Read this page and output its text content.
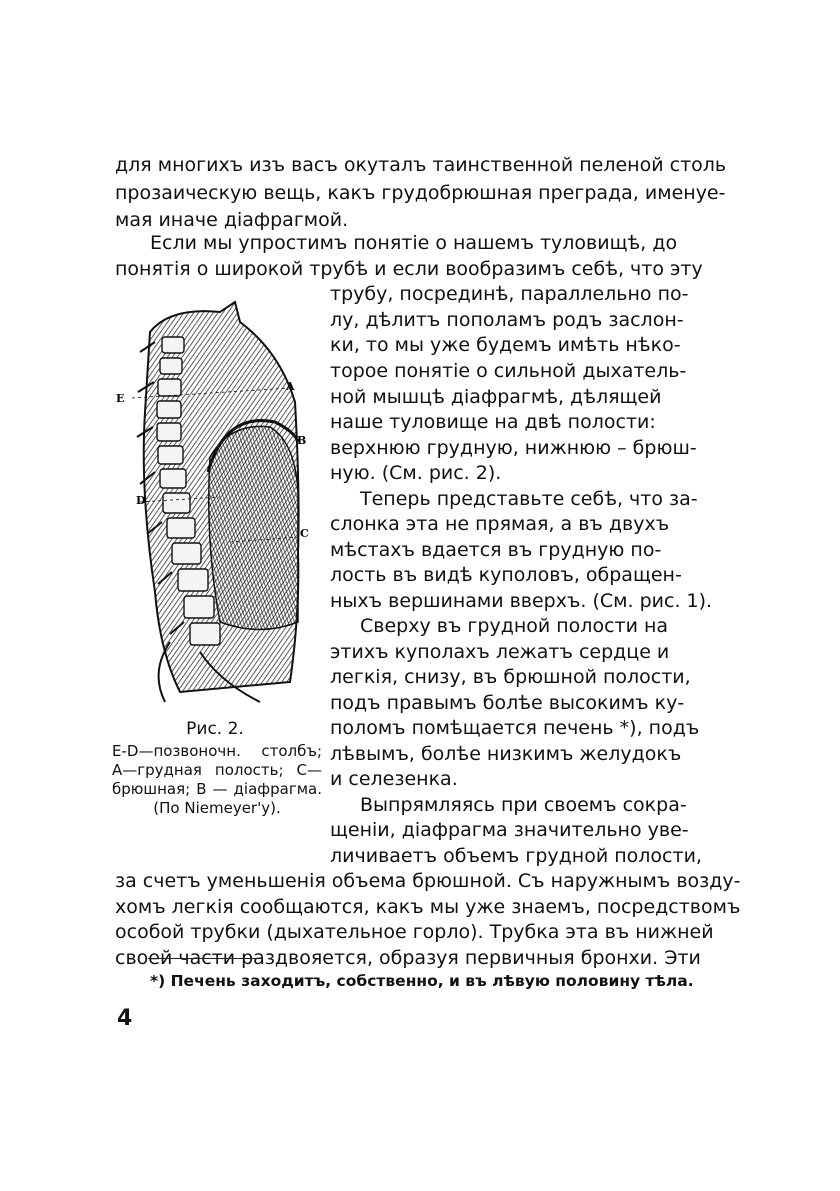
для многихъ изъ васъ окуталъ таинственной пеленой столь
прозаическую вещь, какъ грудобрюшная преграда, именуе-
мая иначе діафрагмой.
Если мы упростимъ понятіе о нашемъ туловищѣ, до
понятія о широкой трубѣ и если вообразимъ себѣ, что эту
трубу, посрединѣ, параллельно по-
лу, дѣлитъ пополамъ родъ заслон-
ки, то мы уже будемъ имѣть нѣко-
торое понятіе о сильной дыхатель-
ной мышцѣ діафрагмѣ, дѣлящей
наше туловище на двѣ полости:
верхнюю грудную, нижнюю – брюш-
ную. (См. рис. 2).
Теперь представьте себѣ, что за-
слонка эта не прямая, а въ двухъ
мѣстахъ вдается въ грудную по-
лость въ видѣ куполовъ, обращен-
ныхъ вершинами вверхъ. (См. рис. 1).
Сверху въ грудной полости на
этихъ куполахъ лежатъ сердце и
легкія, снизу, въ брюшной полости,
подъ правымъ болѣе высокимъ ку-
поломъ помѣщается печень *), подъ
лѣвымъ, болѣе низкимъ желудокъ
и селезенка.
Выпрямляясь при своемъ сокра-
щеніи, діафрагма значительно уве-
личиваетъ объемъ грудной полости,
за счетъ уменьшенія объема брюшной. Съ наружнымъ возду-
хомъ легкія сообщаются, какъ мы уже знаемъ, посредствомъ
особой трубки (дыхательное горло). Трубка эта въ нижней
своей части раздвояется, образуя первичныя бронхи. Эти
E
A
B
D
C
Рис. 2.
E-D—позвоночн. столбъ;
A—грудная полость; C—
брюшная; B — діафрагма.
(По Niemeyer'у).
*) Печень заходитъ, собственно, и въ лѣвую половину тѣла.
4
